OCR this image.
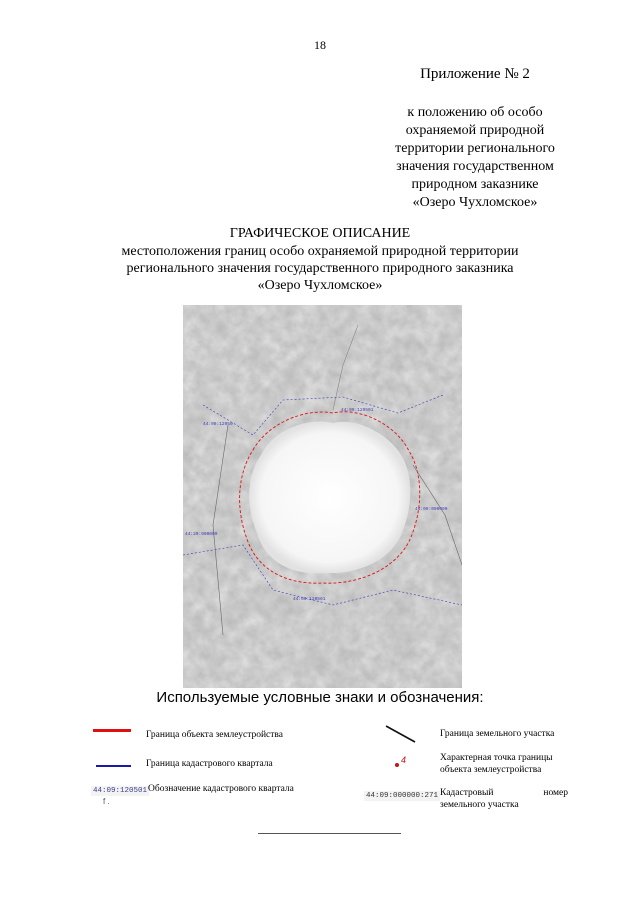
18
Приложение № 2
к положению об особо
охраняемой природной
территории регионального
значения государственном
природном заказнике
«Озеро Чухломское»
ГРАФИЧЕСКОЕ ОПИСАНИЕ
местоположения границ особо охраняемой природной территории
регионального значения государственного природного заказника
«Озеро Чухломское»
44:09:120501
44:09:12050
44:20:000000
44:09:120501
44:09:000000
Используемые условные знаки и обозначения:
Граница объекта землеустройства
Граница кадастрового квартала
44:09:120501
f .
Обозначение кадастрового квартала
Граница земельного участка
4	Характерная точка границы
объекта землеустройства
44:09:000000:271 Кадастровый	номер
земельного участка
